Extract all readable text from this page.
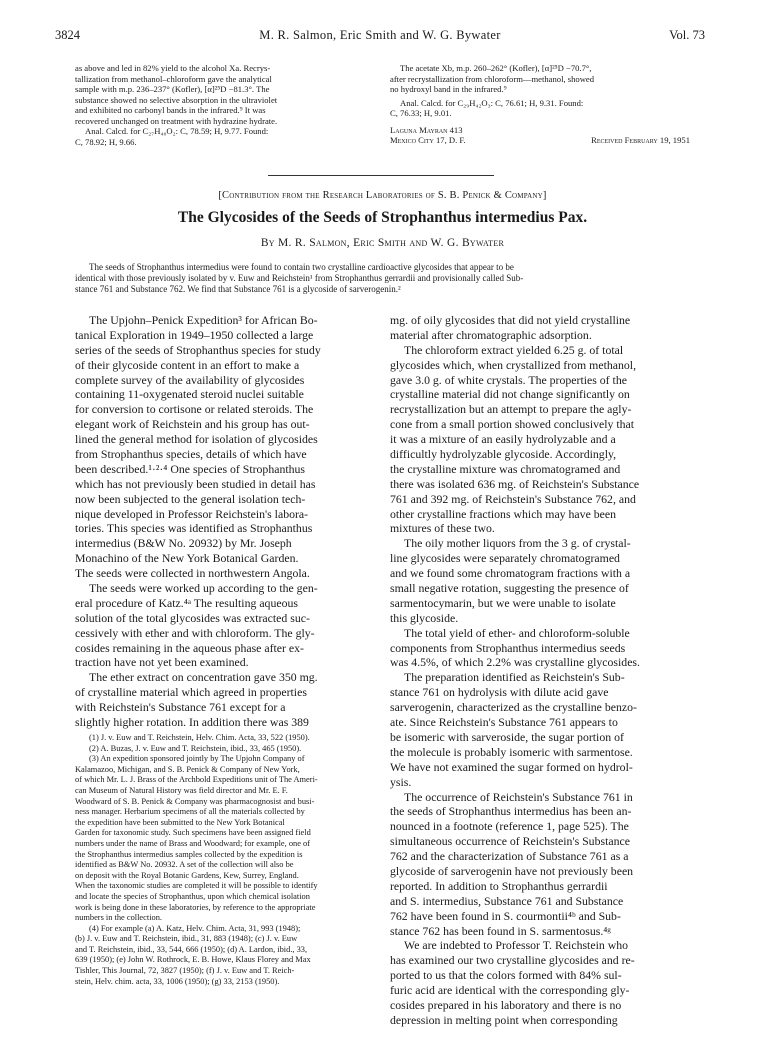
3824	M. R. Salmon, Eric Smith and W. G. Bywater	Vol. 73
as above and led in 82% yield to the alcohol Xa. Recrys-
tallization from methanol–chloroform gave the analytical
sample with m.p. 236–237° (Kofler), [α]²⁵D −81.3°. The
substance showed no selective absorption in the ultraviolet
and exhibited no carbonyl bands in the infrared.⁹ It was
recovered unchanged on treatment with hydrazine hydrate.
Anal. Calcd. for C₂₇H₄₀O₂: C, 78.59; H, 9.77. Found:
C, 78.92; H, 9.66.
The acetate Xb, m.p. 260–262° (Kofler), [α]²⁵D −70.7°,
after recrystallization from chloroform—methanol, showed
no hydroxyl band in the infrared.⁹
Anal. Calcd. for C₂₉H₄₂O₃: C, 76.61; H, 9.31. Found:
C, 76.33; H, 9.01.
Laguna Mayran 413
Mexico City 17, D. F.	Received February 19, 1951
[Contribution from the Research Laboratories of S. B. Penick & Company]
The Glycosides of the Seeds of Strophanthus intermedius Pax.
By M. R. Salmon, Eric Smith and W. G. Bywater
The seeds of Strophanthus intermedius were found to contain two crystalline cardioactive glycosides that appear to be
identical with those previously isolated by v. Euw and Reichstein¹ from Strophanthus gerrardii and provisionally called Sub-
stance 761 and Substance 762. We find that Substance 761 is a glycoside of sarverogenin.²
The Upjohn–Penick Expedition³ for African Bo-
tanical Exploration in 1949–1950 collected a large
series of the seeds of Strophanthus species for study
of their glycoside content in an effort to make a
complete survey of the availability of glycosides
containing 11-oxygenated steroid nuclei suitable
for conversion to cortisone or related steroids. The
elegant work of Reichstein and his group has out-
lined the general method for isolation of glycosides
from Strophanthus species, details of which have
been described.¹·²·⁴ One species of Strophanthus
which has not previously been studied in detail has
now been subjected to the general isolation tech-
nique developed in Professor Reichstein's labora-
tories. This species was identified as Strophanthus
intermedius (B&W No. 20932) by Mr. Joseph
Monachino of the New York Botanical Garden.
The seeds were collected in northwestern Angola.
The seeds were worked up according to the gen-
eral procedure of Katz.⁴ᵃ The resulting aqueous
solution of the total glycosides was extracted suc-
cessively with ether and with chloroform. The gly-
cosides remaining in the aqueous phase after ex-
traction have not yet been examined.
The ether extract on concentration gave 350 mg.
of crystalline material which agreed in properties
with Reichstein's Substance 761 except for a
slightly higher rotation. In addition there was 389
(1) J. v. Euw and T. Reichstein, Helv. Chim. Acta, 33, 522 (1950).
(2) A. Buzas, J. v. Euw and T. Reichstein, ibid., 33, 465 (1950).
(3) An expedition sponsored jointly by The Upjohn Company of
Kalamazoo, Michigan, and S. B. Penick & Company of New York,
of which Mr. L. J. Brass of the Archbold Expeditions unit of The Ameri-
can Museum of Natural History was field director and Mr. E. F.
Woodward of S. B. Penick & Company was pharmacognosist and busi-
ness manager. Herbarium specimens of all the materials collected by
the expedition have been submitted to the New York Botanical
Garden for taxonomic study. Such specimens have been assigned field
numbers under the name of Brass and Woodward; for example, one of
the Strophanthus intermedius samples collected by the expedition is
identified as B&W No. 20932. A set of the collection will also be
on deposit with the Royal Botanic Gardens, Kew, Surrey, England.
When the taxonomic studies are completed it will be possible to identify
and locate the species of Strophanthus, upon which chemical isolation
work is being done in these laboratories, by reference to the appropriate
numbers in the collection.
(4) For example (a) A. Katz, Helv. Chim. Acta, 31, 993 (1948);
(b) J. v. Euw and T. Reichstein, ibid., 31, 883 (1948); (c) J. v. Euw
and T. Reichstein, ibid., 33, 544, 666 (1950); (d) A. Lardon, ibid., 33,
639 (1950); (e) John W. Rothrock, E. B. Howe, Klaus Florey and Max
Tishler, This Journal, 72, 3827 (1950); (f) J. v. Euw and T. Reich-
stein, Helv. chim. acta, 33, 1006 (1950); (g) 33, 2153 (1950).
mg. of oily glycosides that did not yield crystalline
material after chromatographic adsorption.
The chloroform extract yielded 6.25 g. of total
glycosides which, when crystallized from methanol,
gave 3.0 g. of white crystals. The properties of the
crystalline material did not change significantly on
recrystallization but an attempt to prepare the agly-
cone from a small portion showed conclusively that
it was a mixture of an easily hydrolyzable and a
difficultly hydrolyzable glycoside. Accordingly,
the crystalline mixture was chromatogramed and
there was isolated 636 mg. of Reichstein's Substance
761 and 392 mg. of Reichstein's Substance 762, and
other crystalline fractions which may have been
mixtures of these two.
The oily mother liquors from the 3 g. of crystal-
line glycosides were separately chromatogramed
and we found some chromatogram fractions with a
small negative rotation, suggesting the presence of
sarmentocymarin, but we were unable to isolate
this glycoside.
The total yield of ether- and chloroform-soluble
components from Strophanthus intermedius seeds
was 4.5%, of which 2.2% was crystalline glycosides.
The preparation identified as Reichstein's Sub-
stance 761 on hydrolysis with dilute acid gave
sarverogenin, characterized as the crystalline benzo-
ate. Since Reichstein's Substance 761 appears to
be isomeric with sarveroside, the sugar portion of
the molecule is probably isomeric with sarmentose.
We have not examined the sugar formed on hydrol-
ysis.
The occurrence of Reichstein's Substance 761 in
the seeds of Strophanthus intermedius has been an-
nounced in a footnote (reference 1, page 525). The
simultaneous occurrence of Reichstein's Substance
762 and the characterization of Substance 761 as a
glycoside of sarverogenin have not previously been
reported. In addition to Strophanthus gerrardii
and S. intermedius, Substance 761 and Substance
762 have been found in S. courmontii⁴ᵇ and Sub-
stance 762 has been found in S. sarmentosus.⁴ᵍ
We are indebted to Professor T. Reichstein who
has examined our two crystalline glycosides and re-
ported to us that the colors formed with 84% sul-
furic acid are identical with the corresponding gly-
cosides prepared in his laboratory and there is no
depression in melting point when corresponding
